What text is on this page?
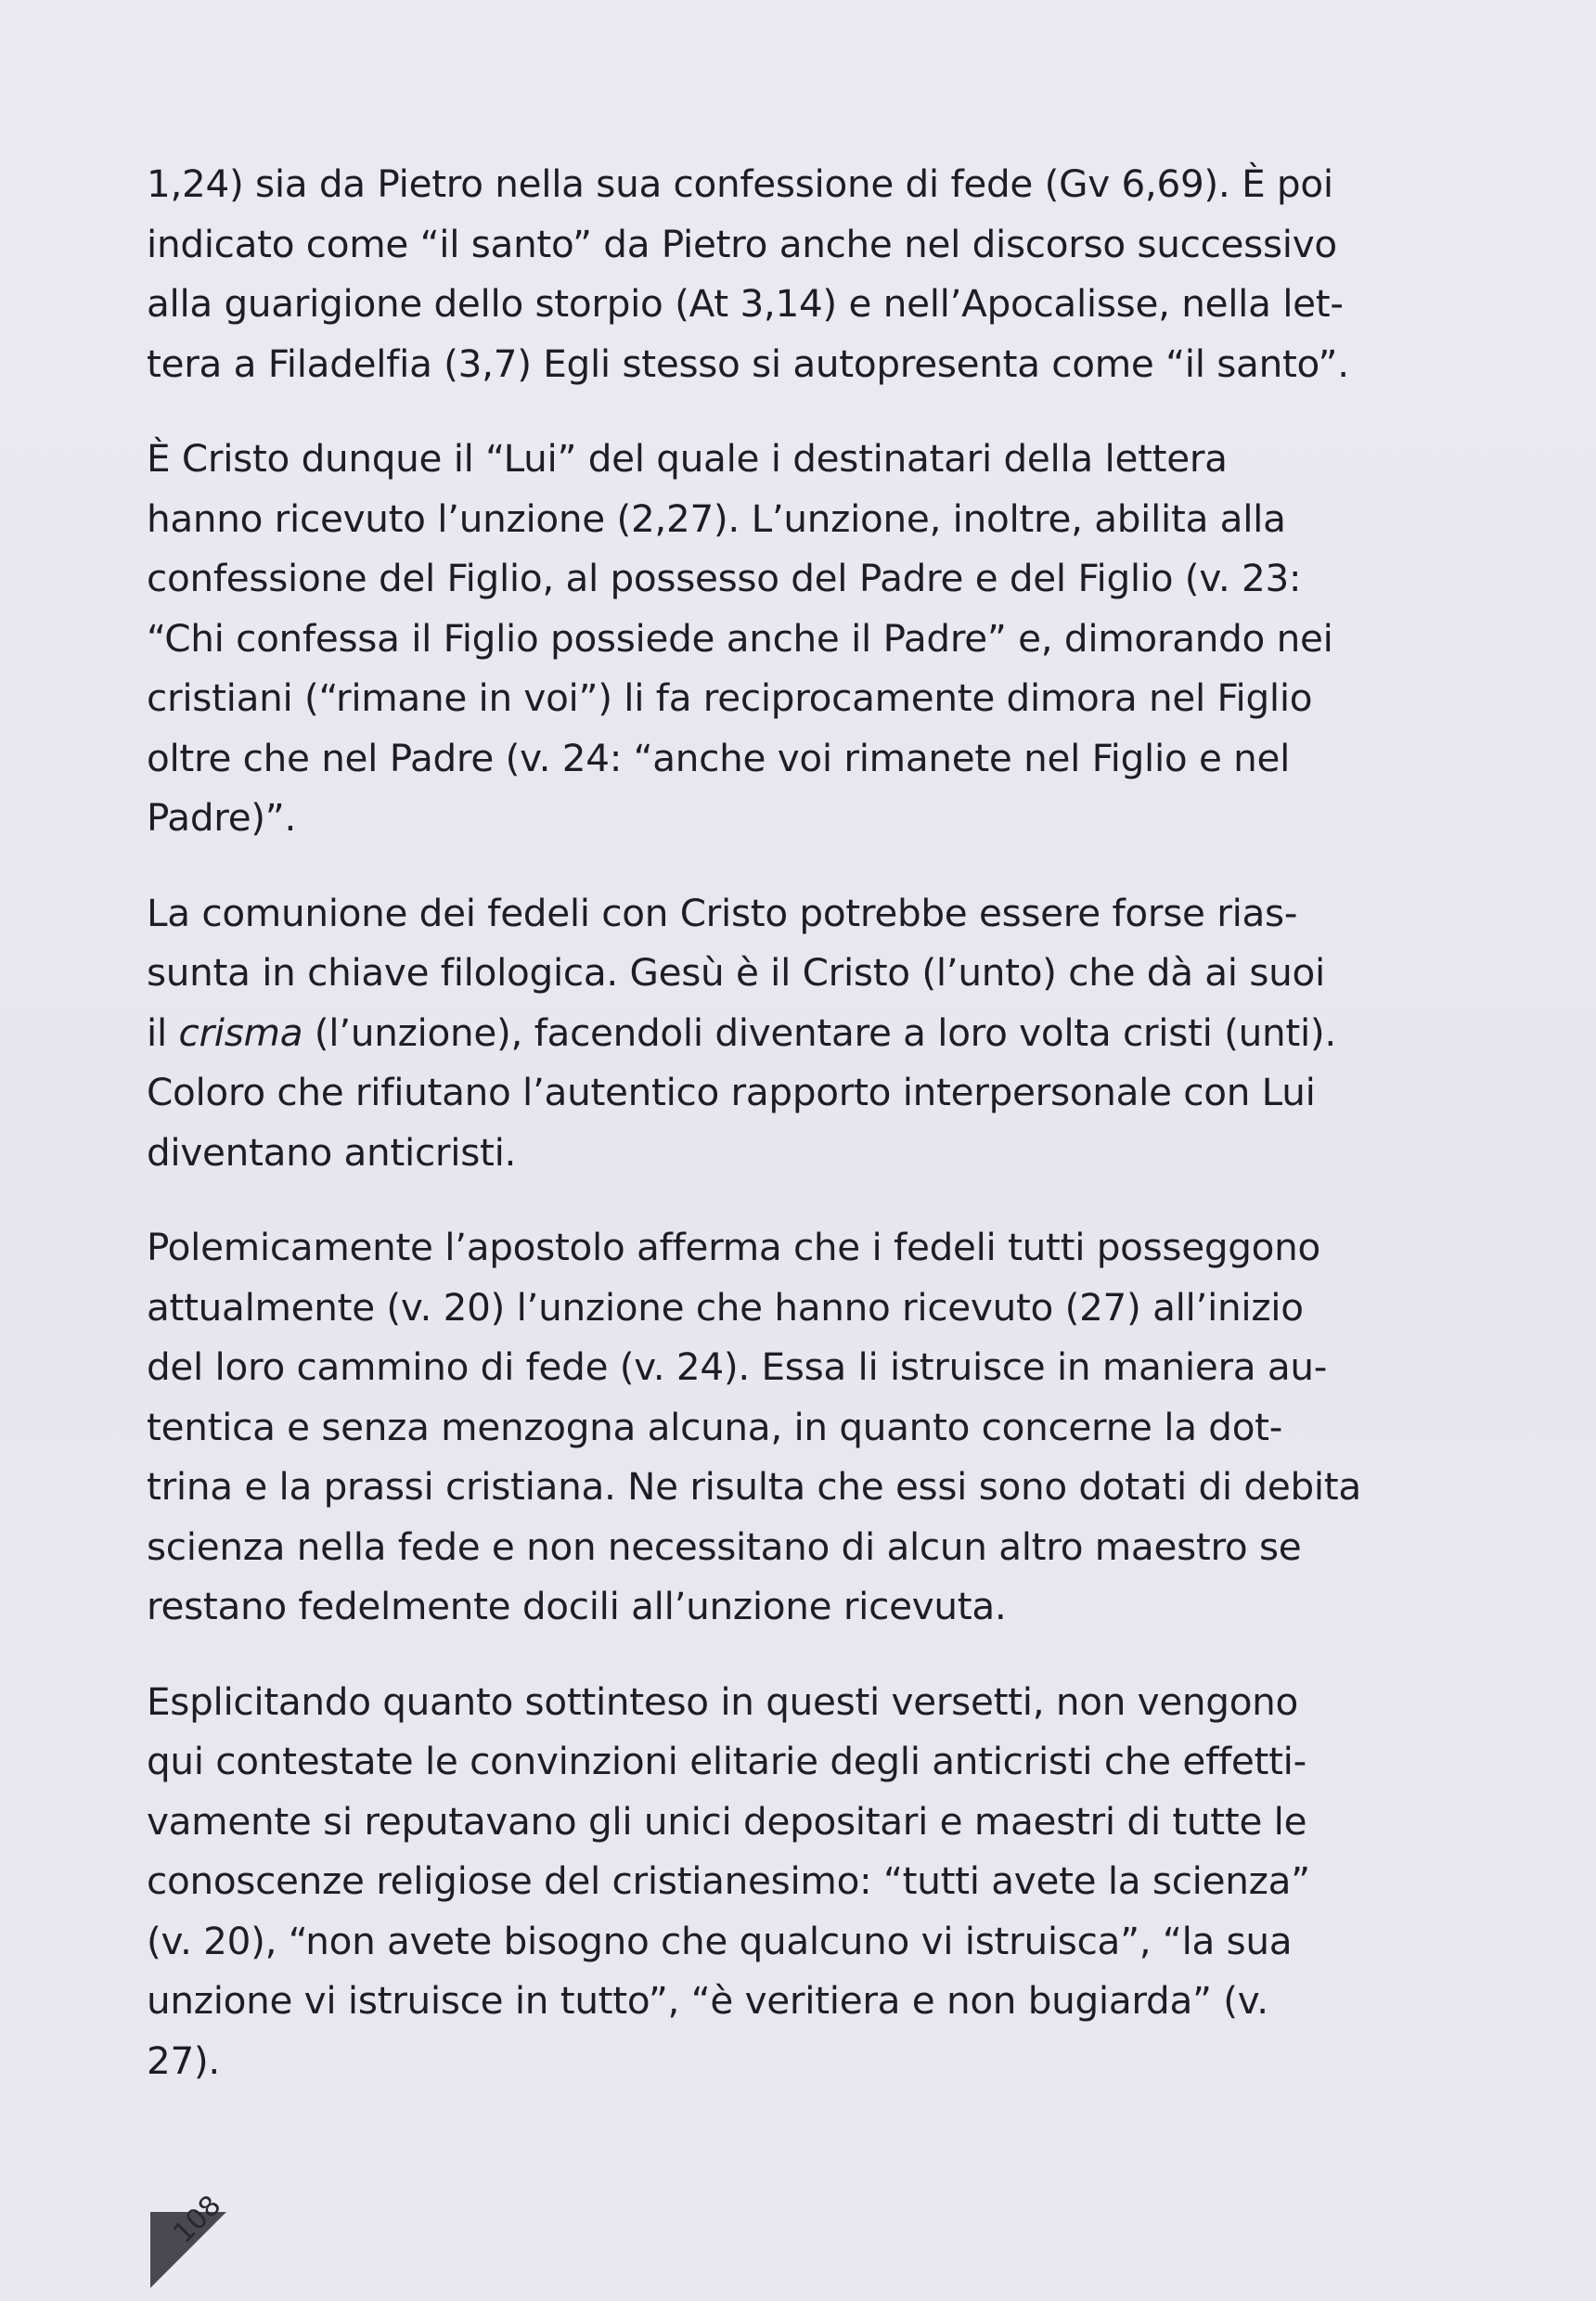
1,24) sia da Pietro nella sua confessione di fede (Gv 6,69). È poi
indicato come “il santo” da Pietro anche nel discorso successivo
alla guarigione dello storpio (At 3,14) e nell’Apocalisse, nella let-
tera a Filadelfia (3,7) Egli stesso si autopresenta come “il santo”.

È Cristo dunque il “Lui” del quale i destinatari della lettera
hanno ricevuto l’unzione (2,27). L’unzione, inoltre, abilita alla
confessione del Figlio, al possesso del Padre e del Figlio (v. 23:
“Chi confessa il Figlio possiede anche il Padre” e, dimorando nei
cristiani (“rimane in voi”) li fa reciprocamente dimora nel Figlio
oltre che nel Padre (v. 24: “anche voi rimanete nel Figlio e nel
Padre)”.

La comunione dei fedeli con Cristo potrebbe essere forse rias-
sunta in chiave filologica. Gesù è il Cristo (l’unto) che dà ai suoi
il crisma (l’unzione), facendoli diventare a loro volta cristi (unti).
Coloro che rifiutano l’autentico rapporto interpersonale con Lui
diventano anticristi.

Polemicamente l’apostolo afferma che i fedeli tutti posseggono
attualmente (v. 20) l’unzione che hanno ricevuto (27) all’inizio
del loro cammino di fede (v. 24). Essa li istruisce in maniera au-
tentica e senza menzogna alcuna, in quanto concerne la dot-
trina e la prassi cristiana. Ne risulta che essi sono dotati di debita
scienza nella fede e non necessitano di alcun altro maestro se
restano fedelmente docili all’unzione ricevuta.

Esplicitando quanto sottinteso in questi versetti, non vengono
qui contestate le convinzioni elitarie degli anticristi che effetti-
vamente si reputavano gli unici depositari e maestri di tutte le
conoscenze religiose del cristianesimo: “tutti avete la scienza”
(v. 20), “non avete bisogno che qualcuno vi istruisca”, “la sua
unzione vi istruisce in tutto”, “è veritiera e non bugiarda” (v.
27).

108
